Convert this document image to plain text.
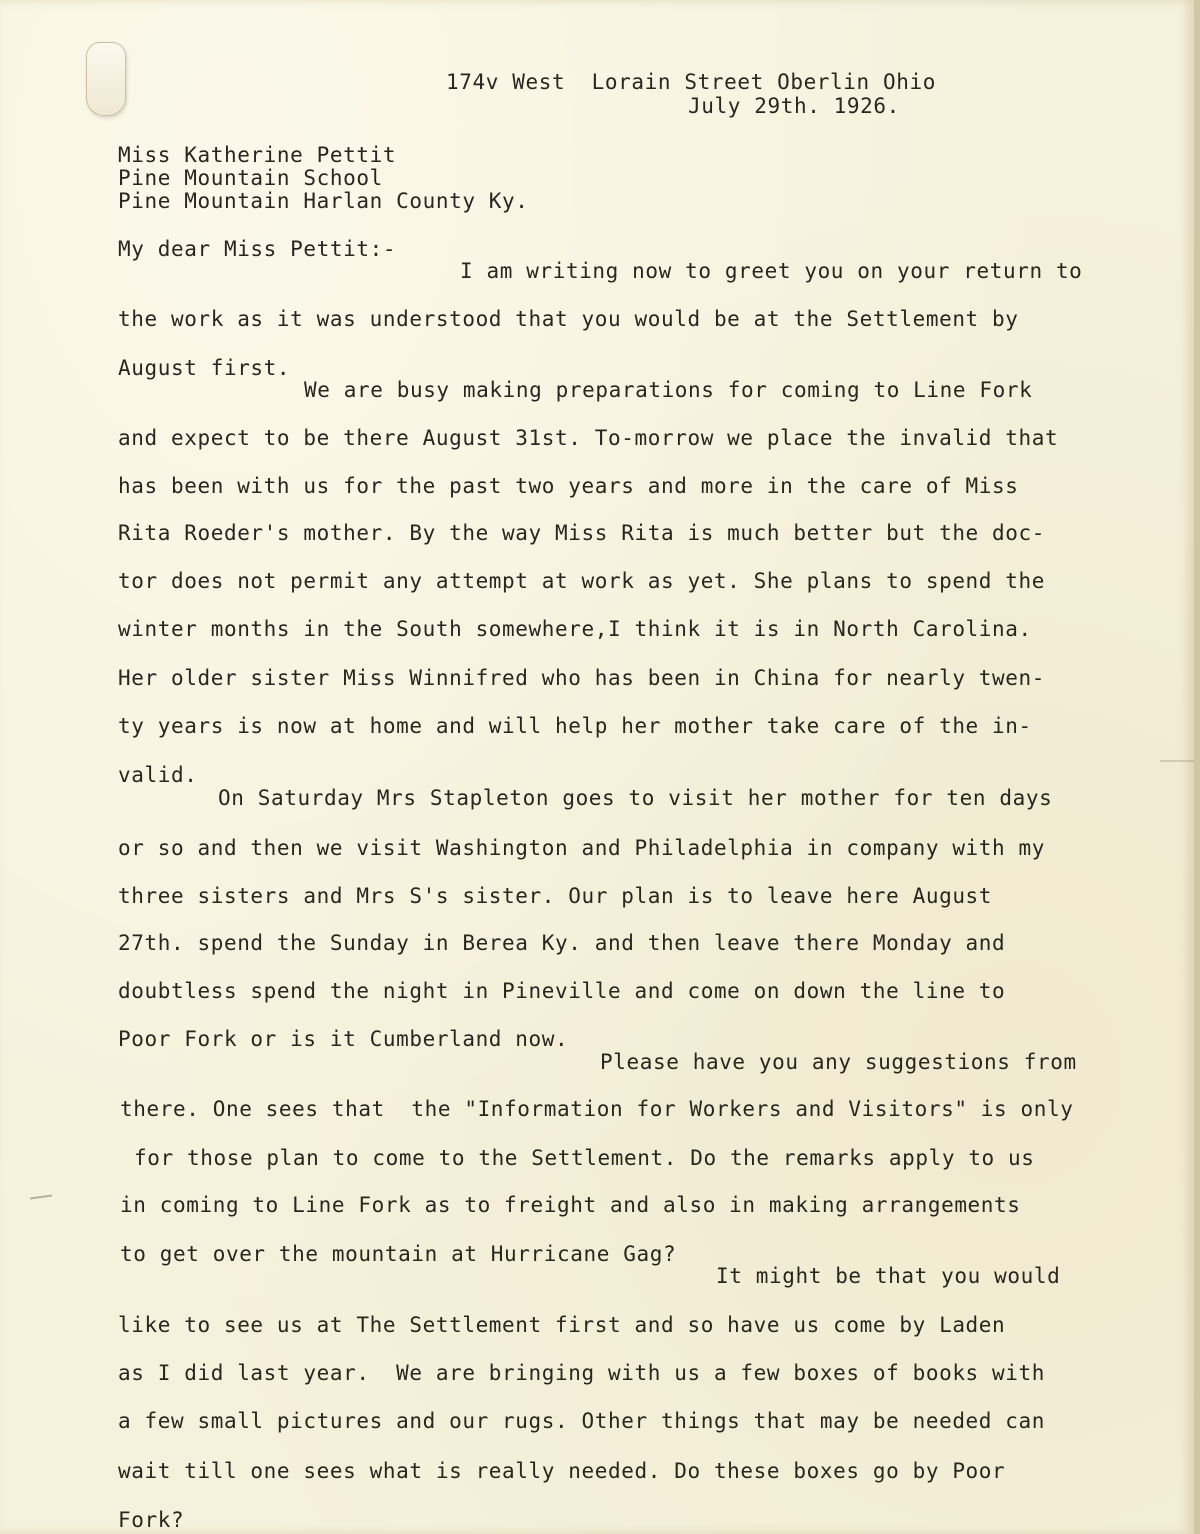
174v West  Lorain Street Oberlin Ohio

July 29th. 1926.

Miss Katherine Pettit

Pine Mountain School

Pine Mountain Harlan County Ky.

My dear Miss Pettit:-

I am writing now to greet you on your return to

the work as it was understood that you would be at the Settlement by

August first.

We are busy making preparations for coming to Line Fork

and expect to be there August 31st. To-morrow we place the invalid that

has been with us for the past two years and more in the care of Miss

Rita Roeder's mother. By the way Miss Rita is much better but the doc-

tor does not permit any attempt at work as yet. She plans to spend the

winter months in the South somewhere,I think it is in North Carolina.

Her older sister Miss Winnifred who has been in China for nearly twen-

ty years is now at home and will help her mother take care of the in-

valid.

On Saturday Mrs Stapleton goes to visit her mother for ten days

or so and then we visit Washington and Philadelphia in company with my

three sisters and Mrs S's sister. Our plan is to leave here August

27th. spend the Sunday in Berea Ky. and then leave there Monday and

doubtless spend the night in Pineville and come on down the line to

Poor Fork or is it Cumberland now.

Please have you any suggestions from

there. One sees that  the "Information for Workers and Visitors" is only

for those plan to come to the Settlement. Do the remarks apply to us

in coming to Line Fork as to freight and also in making arrangements

to get over the mountain at Hurricane Gag?

It might be that you would

like to see us at The Settlement first and so have us come by Laden

as I did last year.  We are bringing with us a few boxes of books with

a few small pictures and our rugs. Other things that may be needed can

wait till one sees what is really needed. Do these boxes go by Poor

Fork?
